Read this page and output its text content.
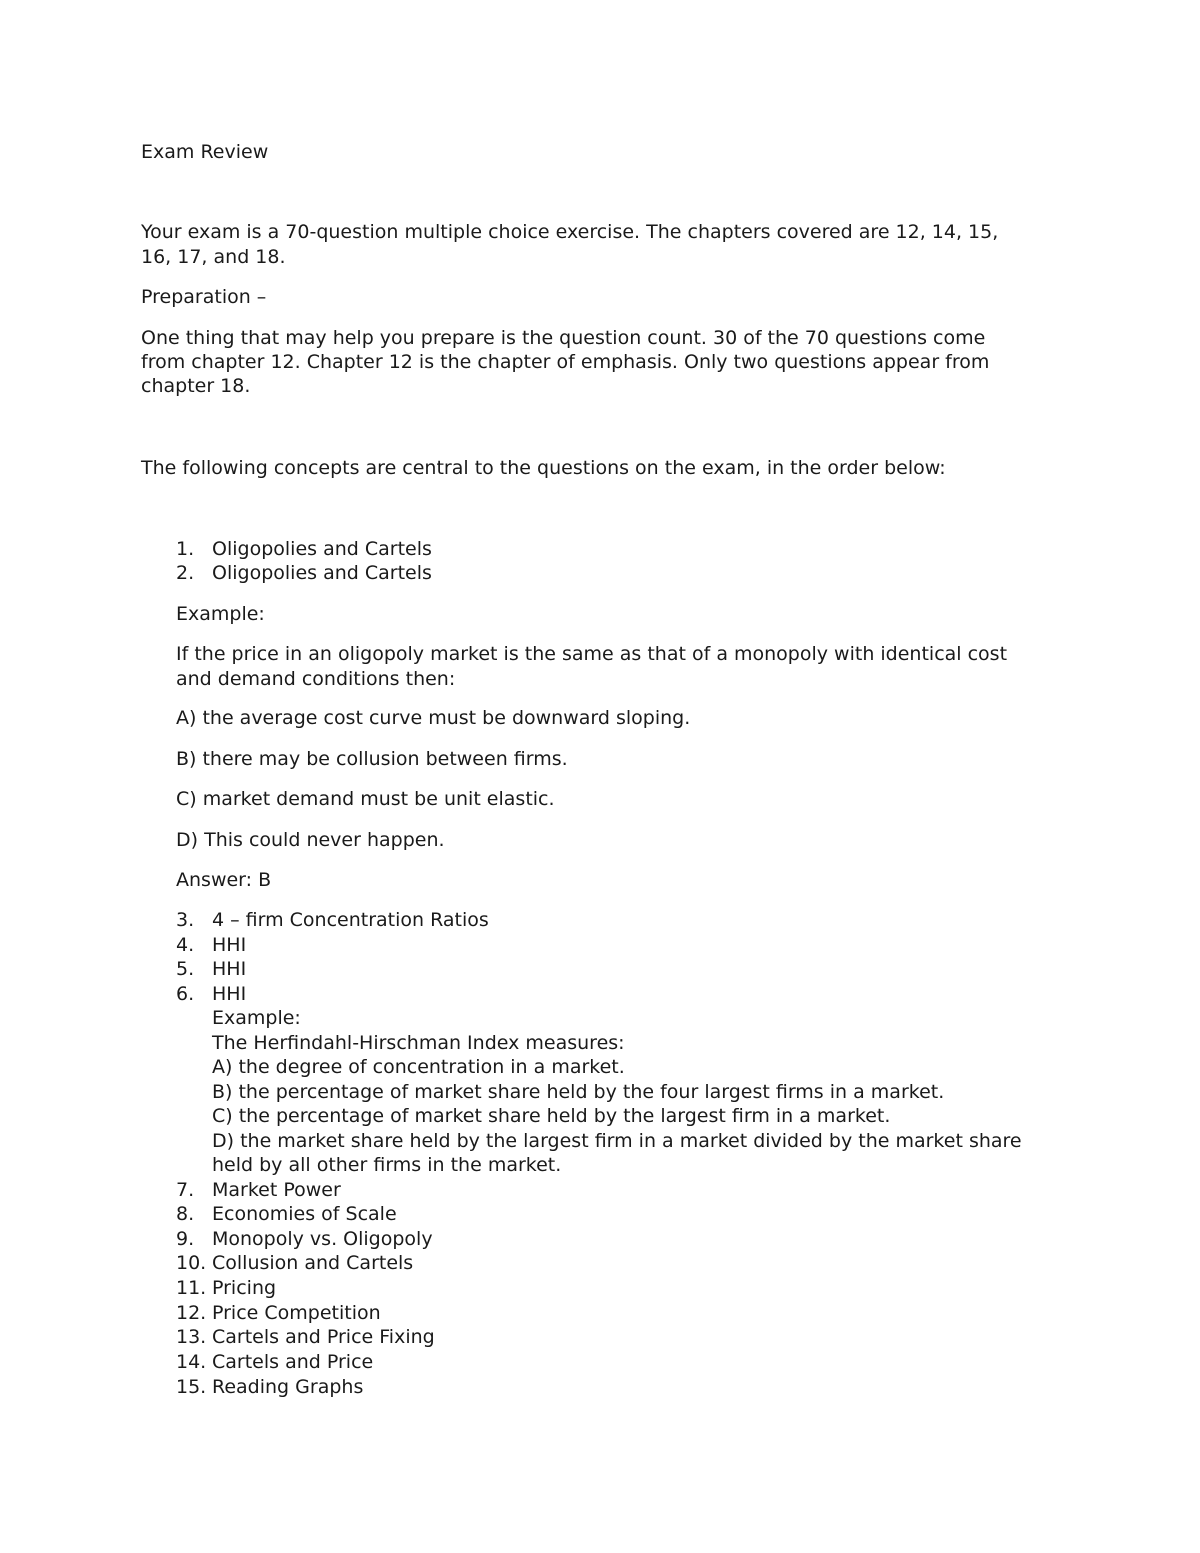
Exam Review
Your exam is a 70-question multiple choice exercise. The chapters covered are 12, 14, 15,
16, 17, and 18.
Preparation –
One thing that may help you prepare is the question count. 30 of the 70 questions come
from chapter 12. Chapter 12 is the chapter of emphasis. Only two questions appear from
chapter 18.
The following concepts are central to the questions on the exam, in the order below:
1. Oligopolies and Cartels
2. Oligopolies and Cartels
Example:
If the price in an oligopoly market is the same as that of a monopoly with identical cost
and demand conditions then:
A) the average cost curve must be downward sloping.
B) there may be collusion between firms.
C) market demand must be unit elastic.
D) This could never happen.
Answer: B
3. 4 – firm Concentration Ratios
4. HHI
5. HHI
6. HHI
Example:
The Herfindahl-Hirschman Index measures:
A) the degree of concentration in a market.
B) the percentage of market share held by the four largest firms in a market.
C) the percentage of market share held by the largest firm in a market.
D) the market share held by the largest firm in a market divided by the market share
held by all other firms in the market.
7. Market Power
8. Economies of Scale
9. Monopoly vs. Oligopoly
10. Collusion and Cartels
11. Pricing
12. Price Competition
13. Cartels and Price Fixing
14. Cartels and Price
15. Reading Graphs
